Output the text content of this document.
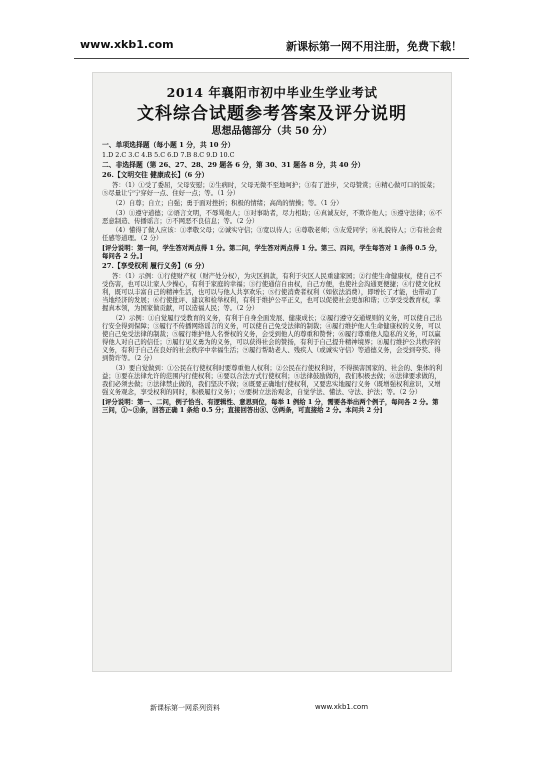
www.xkb1.com	新课标第一网不用注册，免费下载！
2014 年襄阳市初中毕业生学业考试
文科综合试题参考答案及评分说明
思想品德部分（共 50 分）

一、单项选择题（每小题 1 分，共 10 分）

1.D 2.C 3.C 4.B 5.C 6.D 7.B 8.C 9.D 10.C

二、非选择题（第 26、27、28、29 题各 6 分，第 30、31 题各 8 分，共 40 分）

26.【文明交往 健康成长】（6 分）

答：（1）①受了委屈，父母安慰；②生病时，父母无微不至地呵护；③有了进步，父母赞赏；④精心做可口的饭菜；⑤尽量让宁宁穿好一点、住好一点；等。（1 分）

（2）自尊；自立；自强；勇于面对挫折；积极的情绪；高尚的情操；等。（1 分）

（3）①遵守道德；②语言文明，不辱骂他人；③对事助者，尽力相助；④真诚友好，不欺诈他人；⑤遵守法律；⑥不恶意制造、传播谣言；⑦不网恶不良信息；等。（2 分）

（4）懂得了做人应该：①孝敬父母；②诚实守信；③宽以待人；④尊敬老师；⑤友爱同学；⑥礼貌待人；⑦有社会责任感等道理。（2 分）

[评分说明：第一问，学生答对两点得 1 分。第二问，学生答对两点得 1 分。第三、四问，学生每答对 1 条得 0.5 分，每问各 2 分。]

27.【享受权利 履行义务】（6 分）

答：（1）示例：①行使财产权（财产处分权），为灾区捐款，有利于灾区人民重建家园；②行使生命健康权，使自己不受伤害，也可以让家人少操心，有利于家庭的幸福；③行使通信自由权，自己方便，也使社会沟通更便捷；④行使文化权利，既可以丰富自己的精神生活，也可以与他人共享欢乐；⑤行使消费者权利（如依法消费），即增长了才能，也带动了当地经济的发展；⑥行使批评、建议和检举权利，有利于维护公平正义，也可以促使社会更加和谐；⑦享受受教育权，掌握真本领，为国家做贡献，可以造福人民；等。（2 分）

（2）示例：①自觉履行受教育的义务，有利于自身全面发展、健康成长；②履行遵守交通规则的义务，可以使自己出行安全得到保障；③履行不传播网络谣言的义务，可以使自己免受法律的制裁；④履行维护他人生命健康权的义务，可以使自己免受法律的制裁；⑤履行维护他人名誉权的义务，会受到他人的尊重和赞誉；⑥履行尊重他人隐私的义务，可以赢得他人对自己的信任；⑦履行见义勇为的义务，可以获得社会的赞扬，有利于自己提升精神境界；⑧履行维护公共秩序的义务，有利于自己在良好的社会秩序中幸福生活；⑨履行帮助老人、残疾人（或诚实守信）等道德义务，会受到夸奖、得到赞许等。（2 分）

（3）要自觉做到：①公民在行使权利时要尊重他人权利；②公民在行使权利时，不得损害国家的、社会的、集体的利益；③要在法律允许的范围内行使权利；④要以合法方式行使权利；⑤法律鼓励做的，我们积极去做；⑥法律要求做的，我们必须去做；⑦法律禁止做的，我们坚决不做；⑧既要正确地行使权利，又要忠实地履行义务（既增强权利意识，又增强义务观念，享受权利的同时，积极履行义务）；⑨要树立法治观念，自觉学法、懂法、守法、护法；等。（2 分）

[评分说明：第一、二问，例子恰当、有逻辑性、意思到位，每举 1 例给 1 分，需要各举出两个例子，每问各 2 分。第三问，①~③条，回答正确 1 条给 0.5 分；直接回答出⑧、⑨两条，可直接给 2 分。本问共 2 分]

新课标第一网系列资料	www.xkb1.com
